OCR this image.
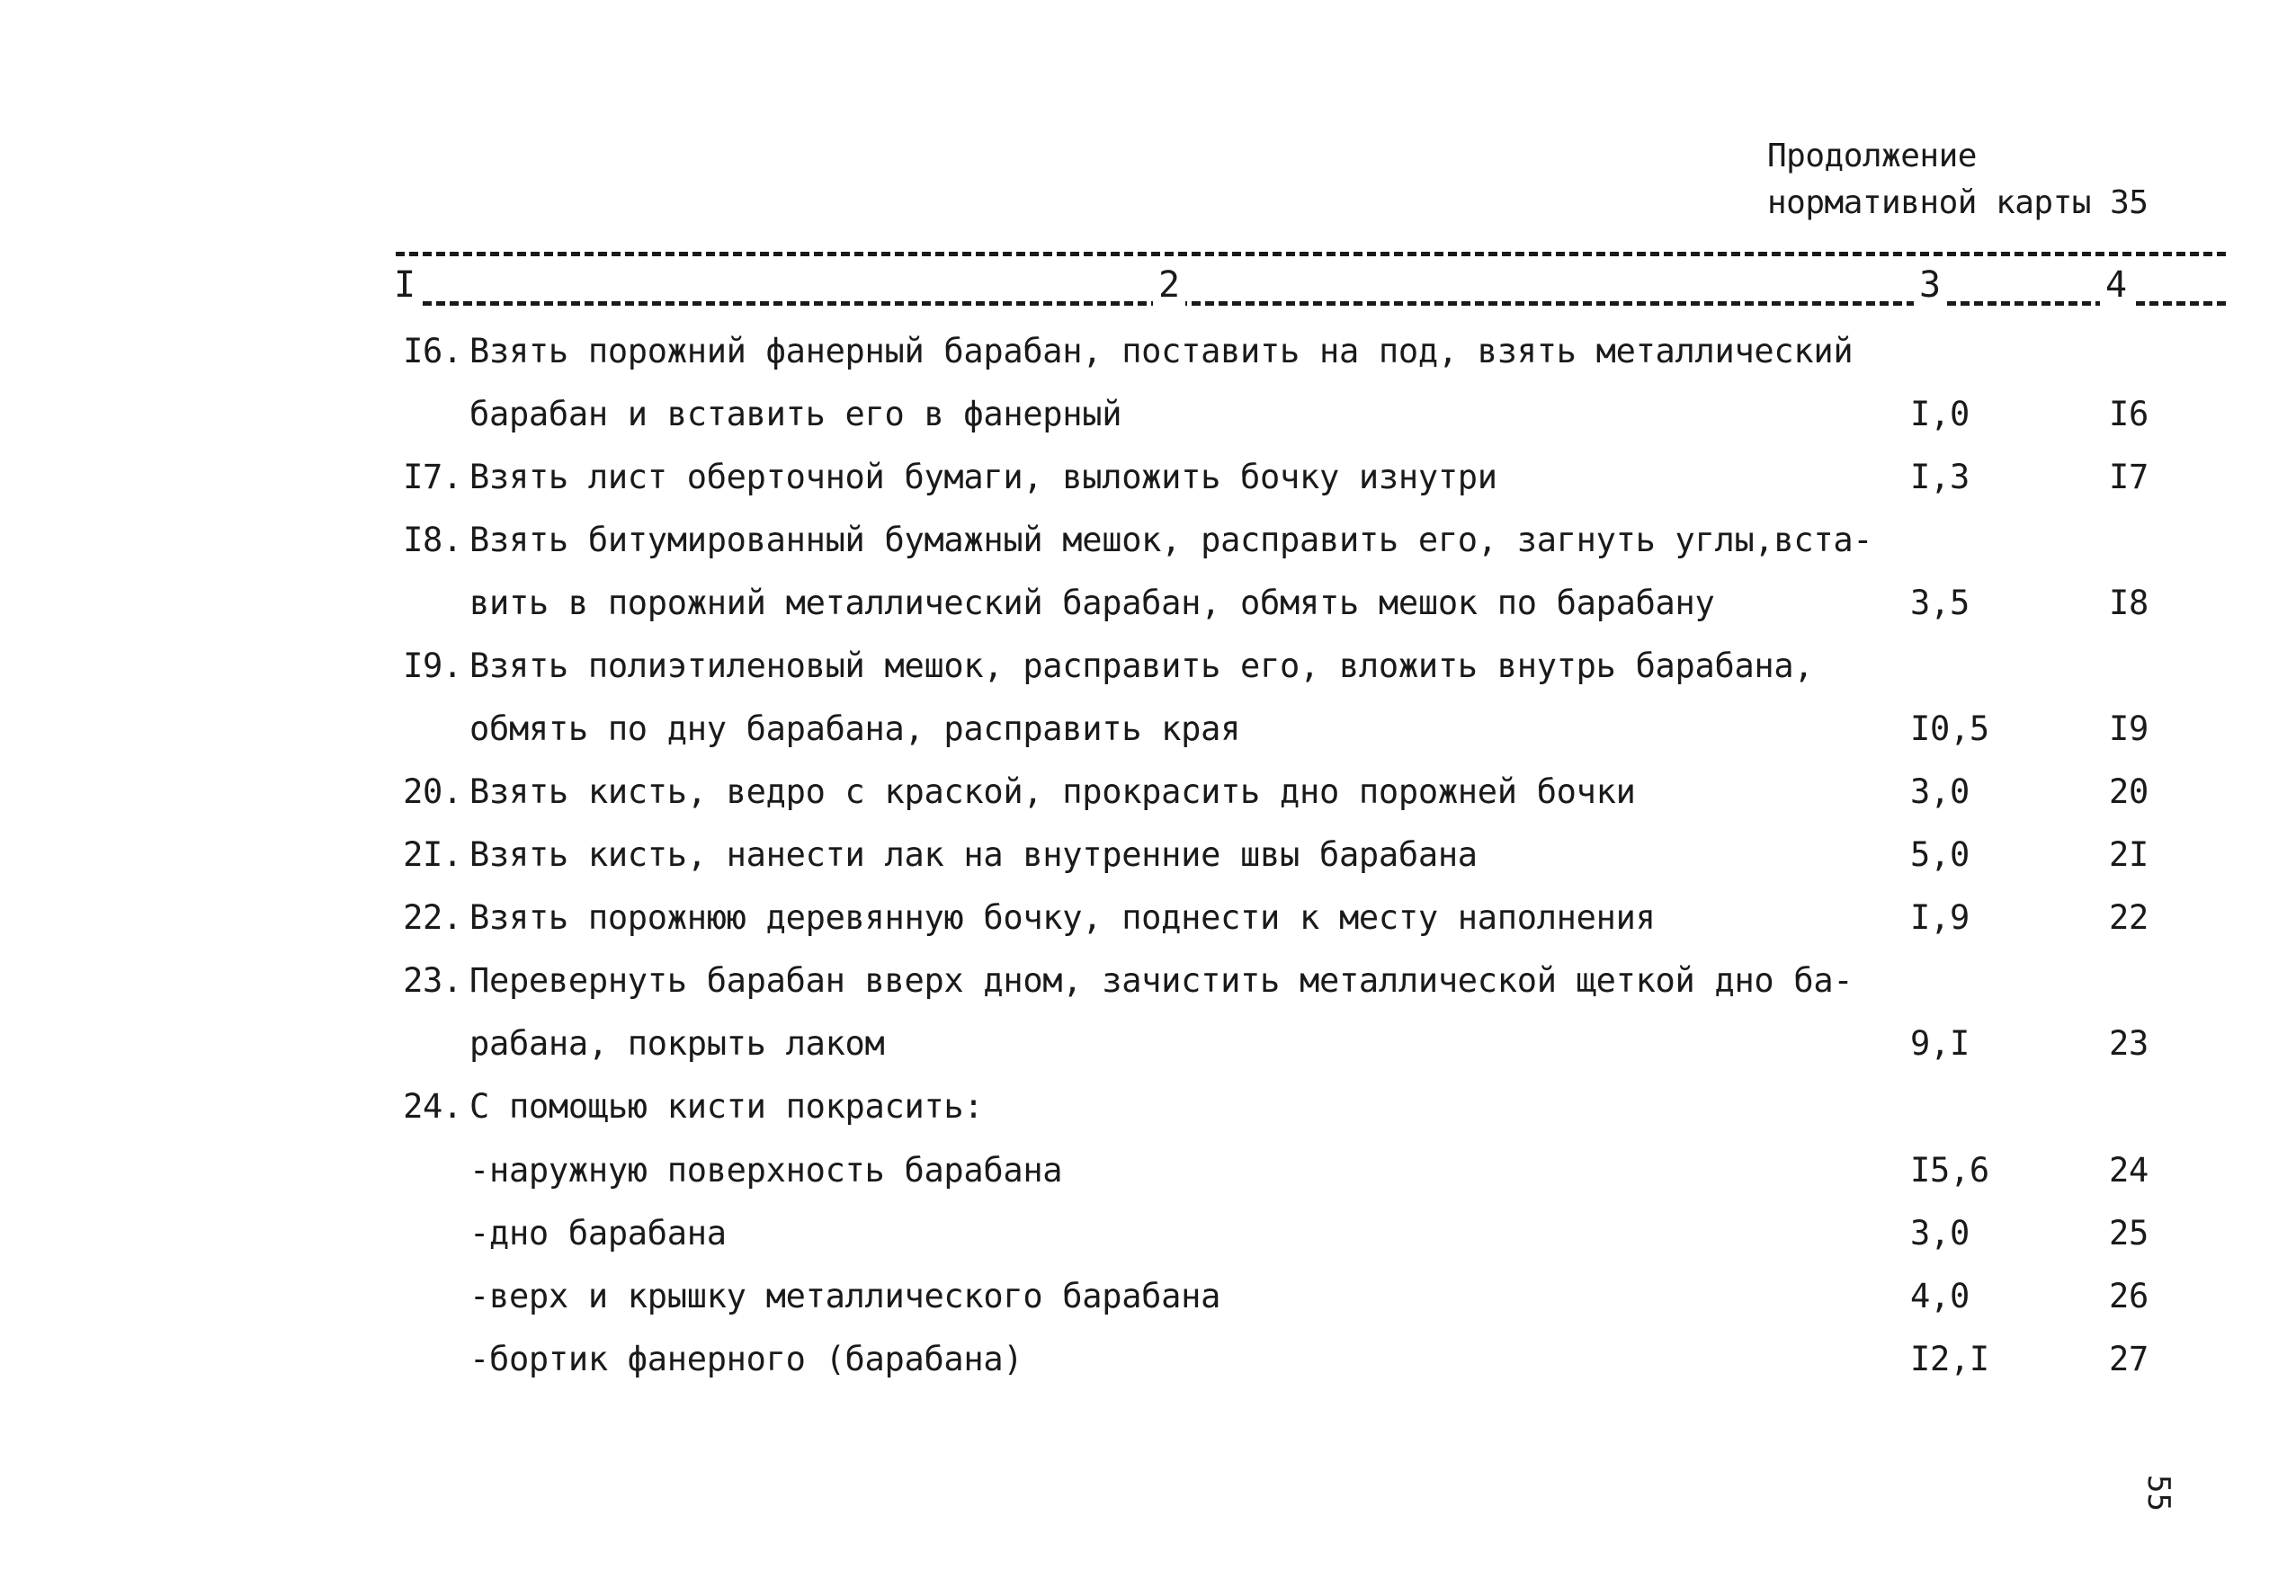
Продолжение
нормативной карты 35
I	2	3	4
I6. Взять порожний фанерный барабан, поставить на под, взять металлический
барабан и вставить его в фанерный	I,0	I6
I7. Взять лист оберточной бумаги, выложить бочку изнутри	I,3	I7
I8. Взять битумированный бумажный мешок, расправить его, загнуть углы,вста-
вить в порожний металлический барабан, обмять мешок по барабану	3,5	I8
I9. Взять полиэтиленовый мешок, расправить его, вложить внутрь барабана,
обмять по дну барабана, расправить края	I0,5	I9
20. Взять кисть, ведро с краской, прокрасить дно порожней бочки	3,0	20
2I. Взять кисть, нанести лак на внутренние швы барабана	5,0	2I
22. Взять порожнюю деревянную бочку, поднести к месту наполнения	I,9	22
23. Перевернуть барабан вверх дном, зачистить металлической щеткой дно ба-
рабана, покрыть лаком	9,I	23
24. С помощью кисти покрасить:
-наружную поверхность барабана	I5,6	24
-дно барабана	3,0	25
-верх и крышку металлического барабана	4,0	26
-бортик фанерного (барабана)	I2,I	27
55
